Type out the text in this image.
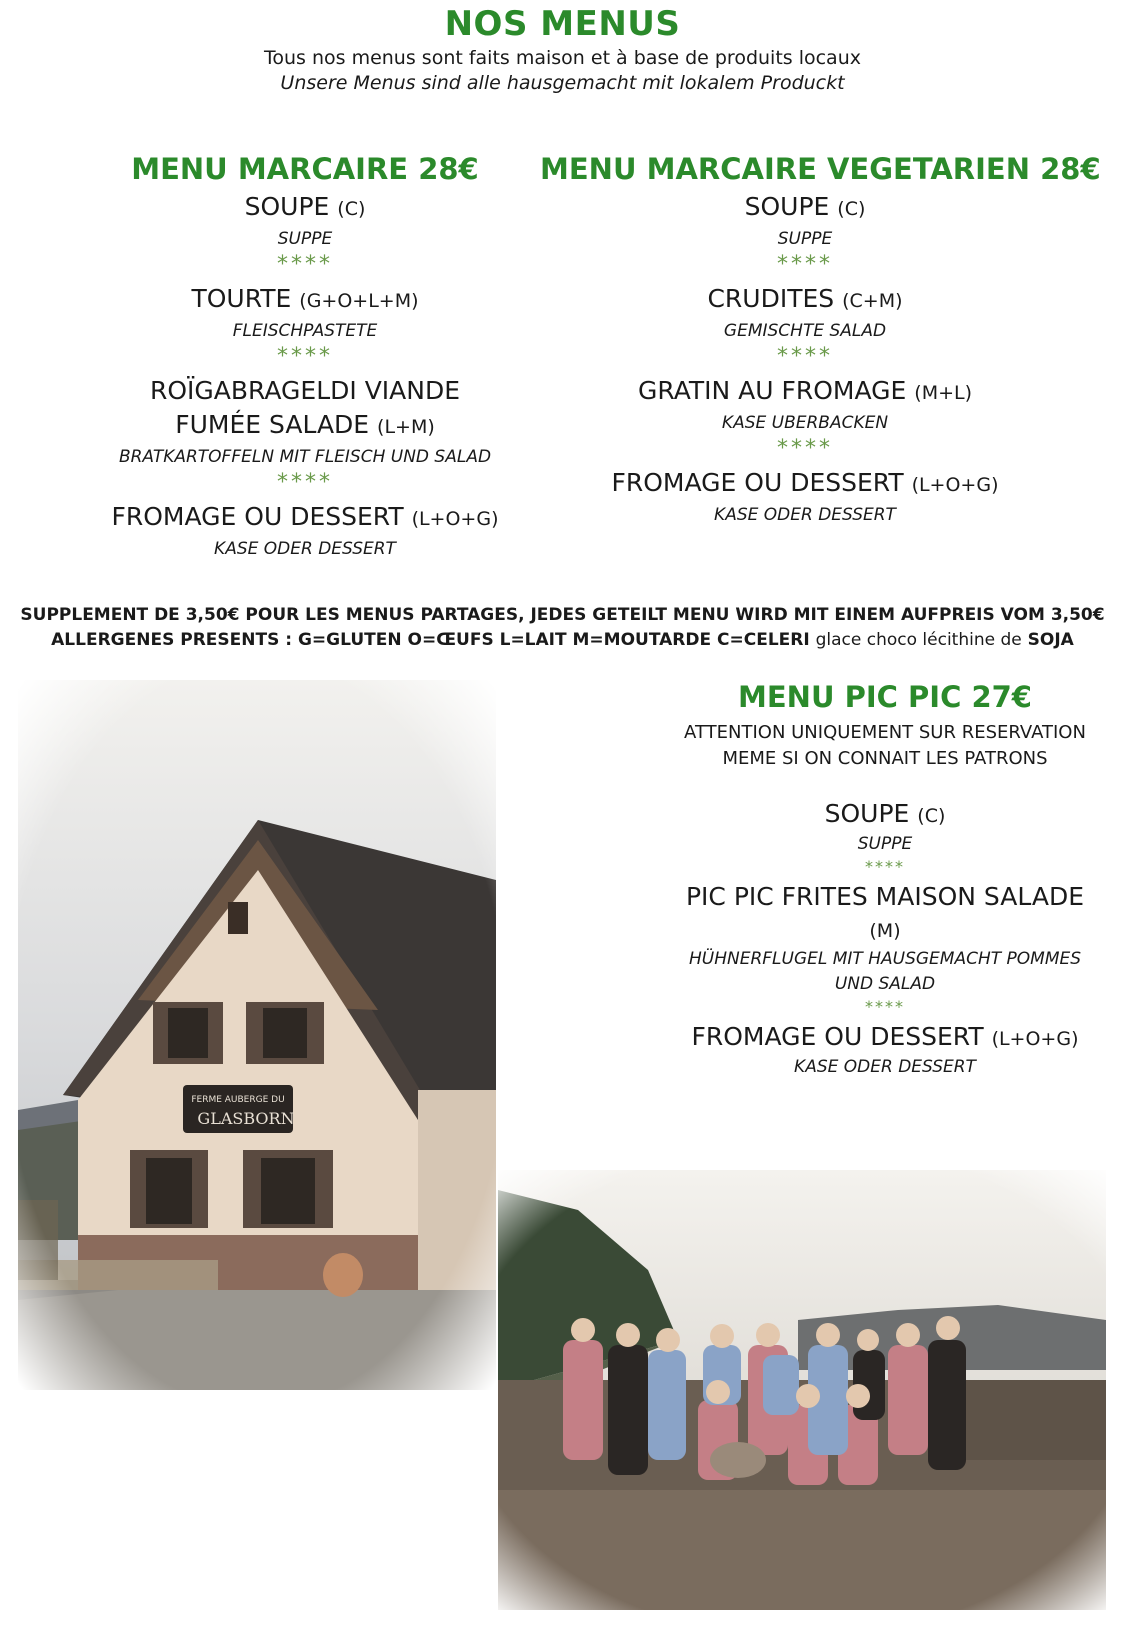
NOS MENUS
Tous nos menus sont faits maison et à base de produits locaux
Unsere Menus sind alle hausgemacht mit lokalem Produckt
MENU MARCAIRE 28€
SOUPE (C)
SUPPE
****
TOURTE (G+O+L+M)
FLEISCHPASTETE
****
ROÏGABRAGELDI VIANDE
FUMÉE SALADE (L+M)
BRATKARTOFFELN MIT FLEISCH UND SALAD
****
FROMAGE OU DESSERT (L+O+G)
KASE ODER DESSERT
MENU MARCAIRE VEGETARIEN 28€
SOUPE (C)
SUPPE
****
CRUDITES (C+M)
GEMISCHTE SALAD
****
GRATIN AU FROMAGE (M+L)
KASE UBERBACKEN
****
FROMAGE OU DESSERT (L+O+G)
KASE ODER DESSERT
SUPPLEMENT DE 3,50€ POUR LES MENUS PARTAGES, JEDES GETEILT MENU WIRD MIT EINEM AUFPREIS VOM 3,50€
ALLERGENES PRESENTS : G=GLUTEN O=ŒUFS L=LAIT M=MOUTARDE C=CELERI glace choco lécithine de SOJA
MENU PIC PIC 27€
ATTENTION UNIQUEMENT SUR RESERVATION
MEME SI ON CONNAIT LES PATRONS
SOUPE (C)
SUPPE
****
PIC PIC FRITES MAISON SALADE
(M)
HÜHNERFLUGEL MIT HAUSGEMACHT POMMES
UND SALAD
****
FROMAGE OU DESSERT (L+O+G)
KASE ODER DESSERT
